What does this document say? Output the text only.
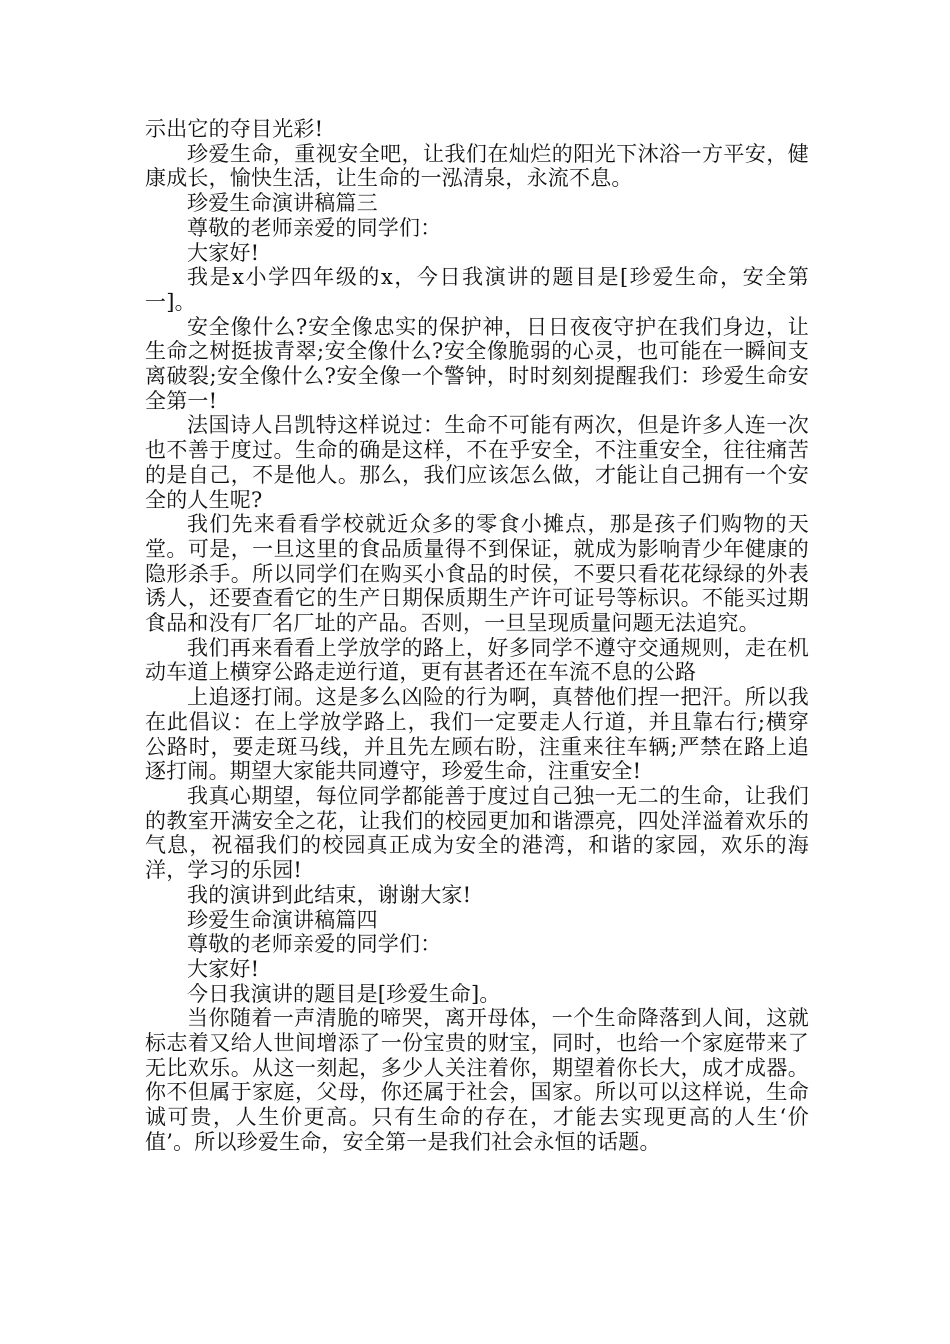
示出它的夺目光彩!

珍爱生命，重视安全吧，让我们在灿烂的阳光下沐浴一方平安，健康成长，愉快生活，让生命的一泓清泉，永流不息。

珍爱生命演讲稿篇三

尊敬的老师亲爱的同学们：

大家好!

我是x小学四年级的x，今日我演讲的题目是[珍爱生命，安全第一]。

安全像什么?安全像忠实的保护神，日日夜夜守护在我们身边，让生命之树挺拔青翠;安全像什么?安全像脆弱的心灵，也可能在一瞬间支离破裂;安全像什么?安全像一个警钟，时时刻刻提醒我们：珍爱生命安全第一!

法国诗人吕凯特这样说过：生命不可能有两次，但是许多人连一次也不善于度过。生命的确是这样，不在乎安全，不注重安全，往往痛苦的是自己，不是他人。那么，我们应该怎么做，才能让自己拥有一个安全的人生呢?

我们先来看看学校就近众多的零食小摊点，那是孩子们购物的天堂。可是，一旦这里的食品质量得不到保证，就成为影响青少年健康的隐形杀手。所以同学们在购买小食品的时侯，不要只看花花绿绿的外表诱人，还要查看它的生产日期保质期生产许可证号等标识。不能买过期食品和没有厂名厂址的产品。否则，一旦呈现质量问题无法追究。

我们再来看看上学放学的路上，好多同学不遵守交通规则，走在机动车道上横穿公路走逆行道，更有甚者还在车流不息的公路

上追逐打闹。这是多么凶险的行为啊，真替他们捏一把汗。所以我在此倡议：在上学放学路上，我们一定要走人行道，并且靠右行;横穿公路时，要走斑马线，并且先左顾右盼，注重来往车辆;严禁在路上追逐打闹。期望大家能共同遵守，珍爱生命，注重安全!

我真心期望，每位同学都能善于度过自己独一无二的生命，让我们的教室开满安全之花，让我们的校园更加和谐漂亮，四处洋溢着欢乐的气息，祝福我们的校园真正成为安全的港湾，和谐的家园，欢乐的海洋，学习的乐园!

我的演讲到此结束，谢谢大家!

珍爱生命演讲稿篇四

尊敬的老师亲爱的同学们：

大家好!

今日我演讲的题目是[珍爱生命]。

当你随着一声清脆的啼哭，离开母体，一个生命降落到人间，这就标志着又给人世间增添了一份宝贵的财宝，同时，也给一个家庭带来了无比欢乐。从这一刻起，多少人关注着你，期望着你长大，成才成器。你不但属于家庭，父母，你还属于社会，国家。所以可以这样说，生命诚可贵，人生价更高。只有生命的存在，才能去实现更高的人生‘价值’。所以珍爱生命，安全第一是我们社会永恒的话题。
